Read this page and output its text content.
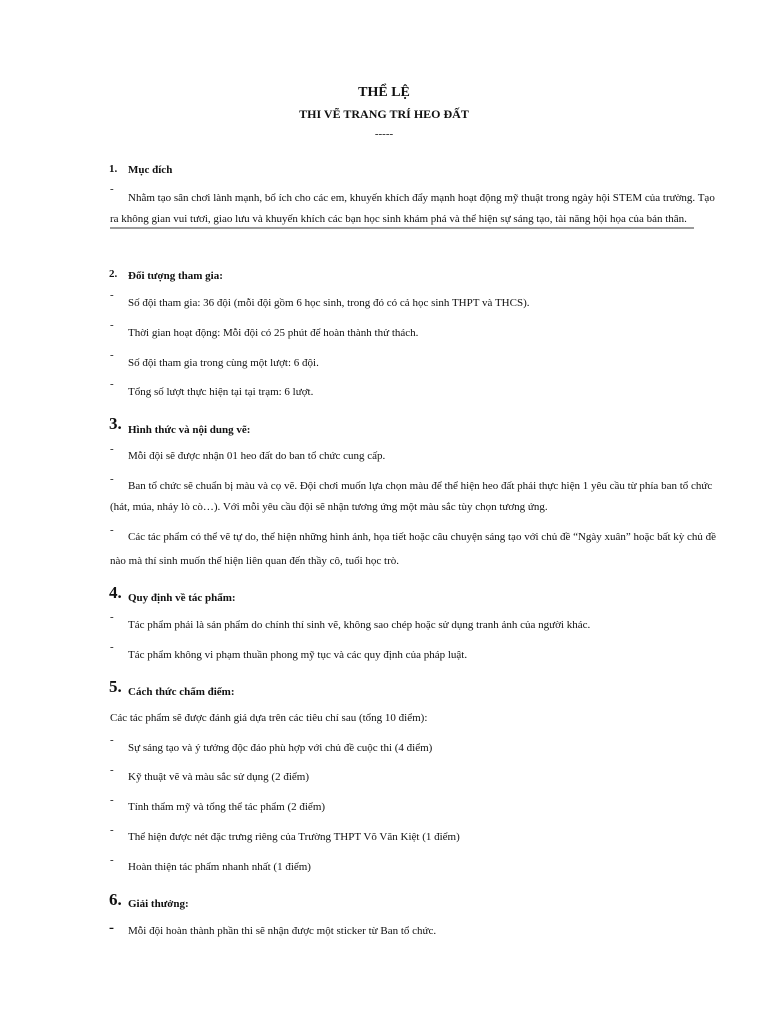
THỂ LỆ
THI VẼ TRANG TRÍ HEO ĐẤT
-----
1. Mục đích
-
Nhằm tạo sân chơi lành mạnh, bổ ích cho các em, khuyến khích đẩy mạnh hoạt động mỹ thuật trong ngày hội STEM của trường. Tạo
ra không gian vui tươi, giao lưu và khuyến khích các bạn học sinh khám phá và thể hiện sự sáng tạo, tài năng hội họa của bản thân.
2. Đối tượng tham gia:
-
Số đội tham gia: 36 đội (mỗi đội gồm 6 học sinh, trong đó có cả học sinh THPT và THCS).
-
Thời gian hoạt động: Mỗi đội có 25 phút để hoàn thành thử thách.
-
Số đội tham gia trong cùng một lượt: 6 đội.
-
Tổng số lượt thực hiện tại tại trạm: 6 lượt.
3. Hình thức và nội dung vẽ:
-
Mỗi đội sẽ được nhận 01 heo đất do ban tổ chức cung cấp.
-
Ban tổ chức sẽ chuẩn bị màu và cọ vẽ. Đội chơi muốn lựa chọn màu để thể hiện heo đất phải thực hiện 1 yêu cầu từ phía ban tổ chức
(hát, múa, nhảy lò cò…). Với mỗi yêu cầu đội sẽ nhận tương ứng một màu sắc tùy chọn tương ứng.
-
Các tác phẩm có thể vẽ tự do, thể hiện những hình ảnh, họa tiết hoặc câu chuyện sáng tạo với chủ đề “Ngày xuân” hoặc bất kỳ chủ đề
nào mà thí sinh muốn thể hiện liên quan đến thầy cô, tuổi học trò.
4. Quy định về tác phẩm:
-
Tác phẩm phải là sản phẩm do chính thí sinh vẽ, không sao chép hoặc sử dụng tranh ảnh của người khác.
-
Tác phẩm không vi phạm thuần phong mỹ tục và các quy định của pháp luật.
5. Cách thức chấm điểm:
Các tác phẩm sẽ được đánh giá dựa trên các tiêu chí sau (tổng 10 điểm):
-
Sự sáng tạo và ý tưởng độc đáo phù hợp với chủ đề cuộc thi (4 điểm)
-
Kỹ thuật vẽ và màu sắc sử dụng (2 điểm)
-
Tính thẩm mỹ và tổng thể tác phẩm (2 điểm)
-
Thể hiện được nét đặc trưng riêng của Trường THPT Võ Văn Kiệt (1 điểm)
-
Hoàn thiện tác phẩm nhanh nhất (1 điểm)
6. Giải thưởng:
- Mỗi đội hoàn thành phần thi sẽ nhận được một sticker từ Ban tổ chức.
